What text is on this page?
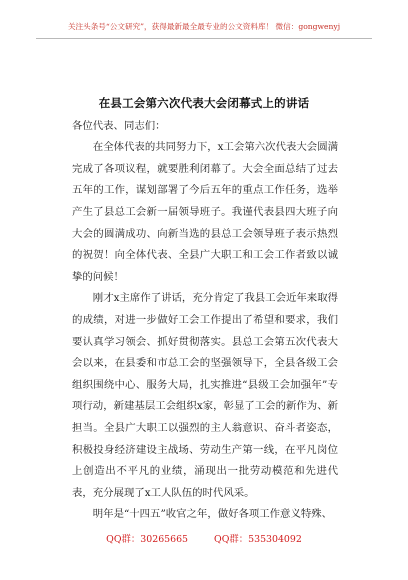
关注头条号“公文研究”，获得最新最全最专业的公文资料库！ 微信：gongwenyj
在县工会第六次代表大会闭幕式上的讲话

各位代表、同志们：

在全体代表的共同努力下，x工会第六次代表大会圆满完成了各项议程，就要胜利闭幕了。大会全面总结了过去五年的工作，谋划部署了今后五年的重点工作任务，选举产生了县总工会新一届领导班子。我谨代表县四大班子向大会的圆满成功、向新当选的县总工会领导班子表示热烈的祝贺！向全体代表、全县广大职工和工会工作者致以诚挚的问候！

刚才x主席作了讲话，充分肯定了我县工会近年来取得的成绩，对进一步做好工会工作提出了希望和要求，我们要认真学习领会、抓好贯彻落实。县总工会第五次代表大会以来，在县委和市总工会的坚强领导下，全县各级工会组织围绕中心、服务大局，扎实推进“县级工会加强年”专项行动，新建基层工会组织x家，彰显了工会的新作为、新担当。全县广大职工以强烈的主人翁意识、奋斗者姿态，积极投身经济建设主战场、劳动生产第一线，在平凡岗位上创造出不平凡的业绩，涌现出一批劳动模范和先进代表，充分展现了x工人队伍的时代风采。

明年是“十四五”收官之年，做好各项工作意义特殊、

QQ群：30265665	QQ群：535304092
